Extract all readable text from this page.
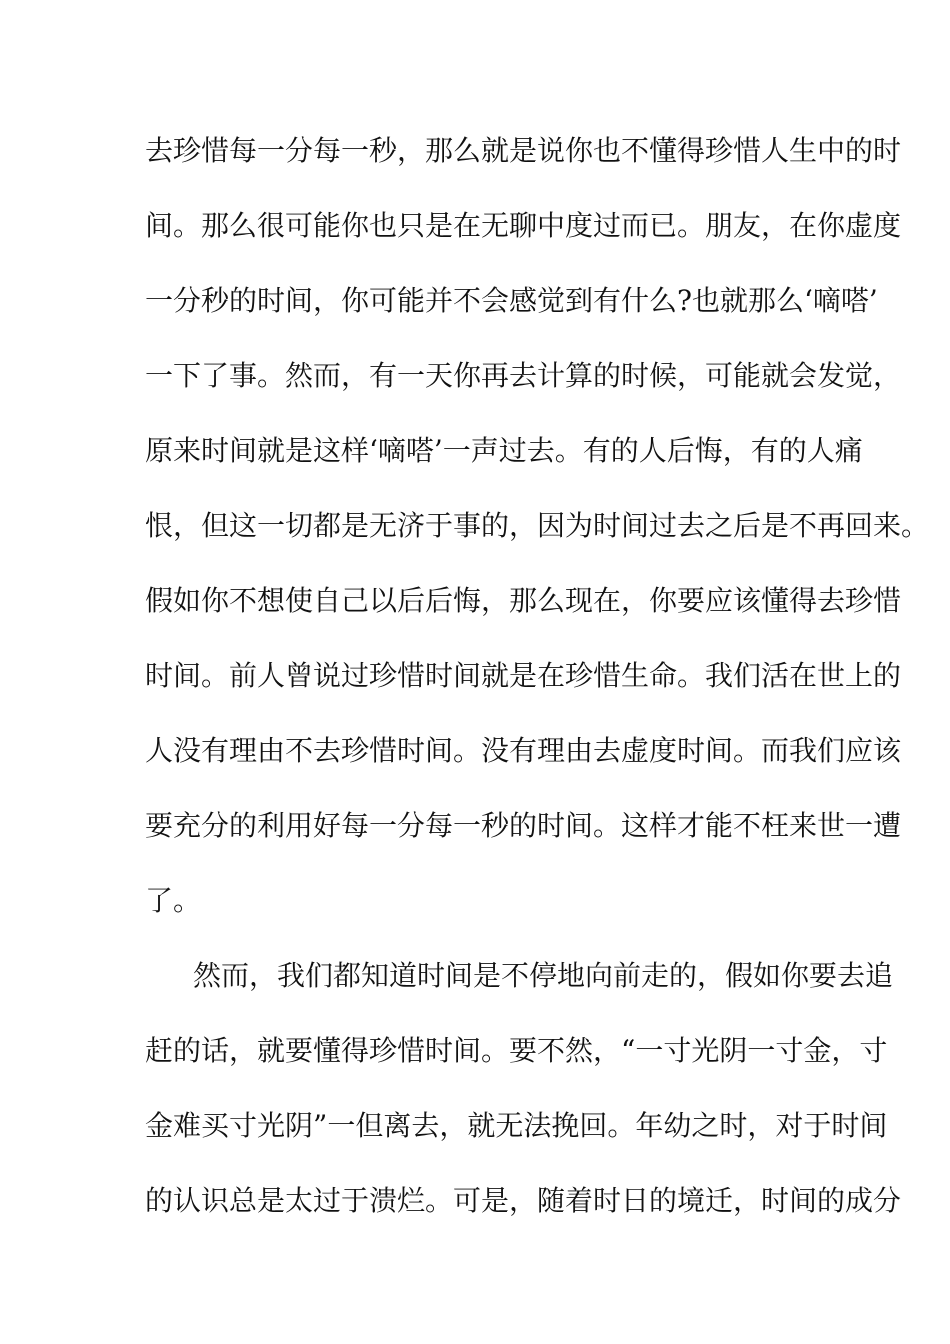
去珍惜每一分每一秒，那么就是说你也不懂得珍惜人生中的时
间。那么很可能你也只是在无聊中度过而已。朋友，在你虚度
一分秒的时间，你可能并不会感觉到有什么?也就那么‘嘀嗒’
一下了事。然而，有一天你再去计算的时候，可能就会发觉，
原来时间就是这样‘嘀嗒’一声过去。有的人后悔，有的人痛
恨，但这一切都是无济于事的，因为时间过去之后是不再回来。
假如你不想使自己以后后悔，那么现在，你要应该懂得去珍惜
时间。前人曾说过珍惜时间就是在珍惜生命。我们活在世上的
人没有理由不去珍惜时间。没有理由去虚度时间。而我们应该
要充分的利用好每一分每一秒的时间。这样才能不枉来世一遭
了。
然而，我们都知道时间是不停地向前走的，假如你要去追
赶的话，就要懂得珍惜时间。要不然，“一寸光阴一寸金，寸
金难买寸光阴”一但离去，就无法挽回。年幼之时，对于时间
的认识总是太过于溃烂。可是，随着时日的境迁，时间的成分
